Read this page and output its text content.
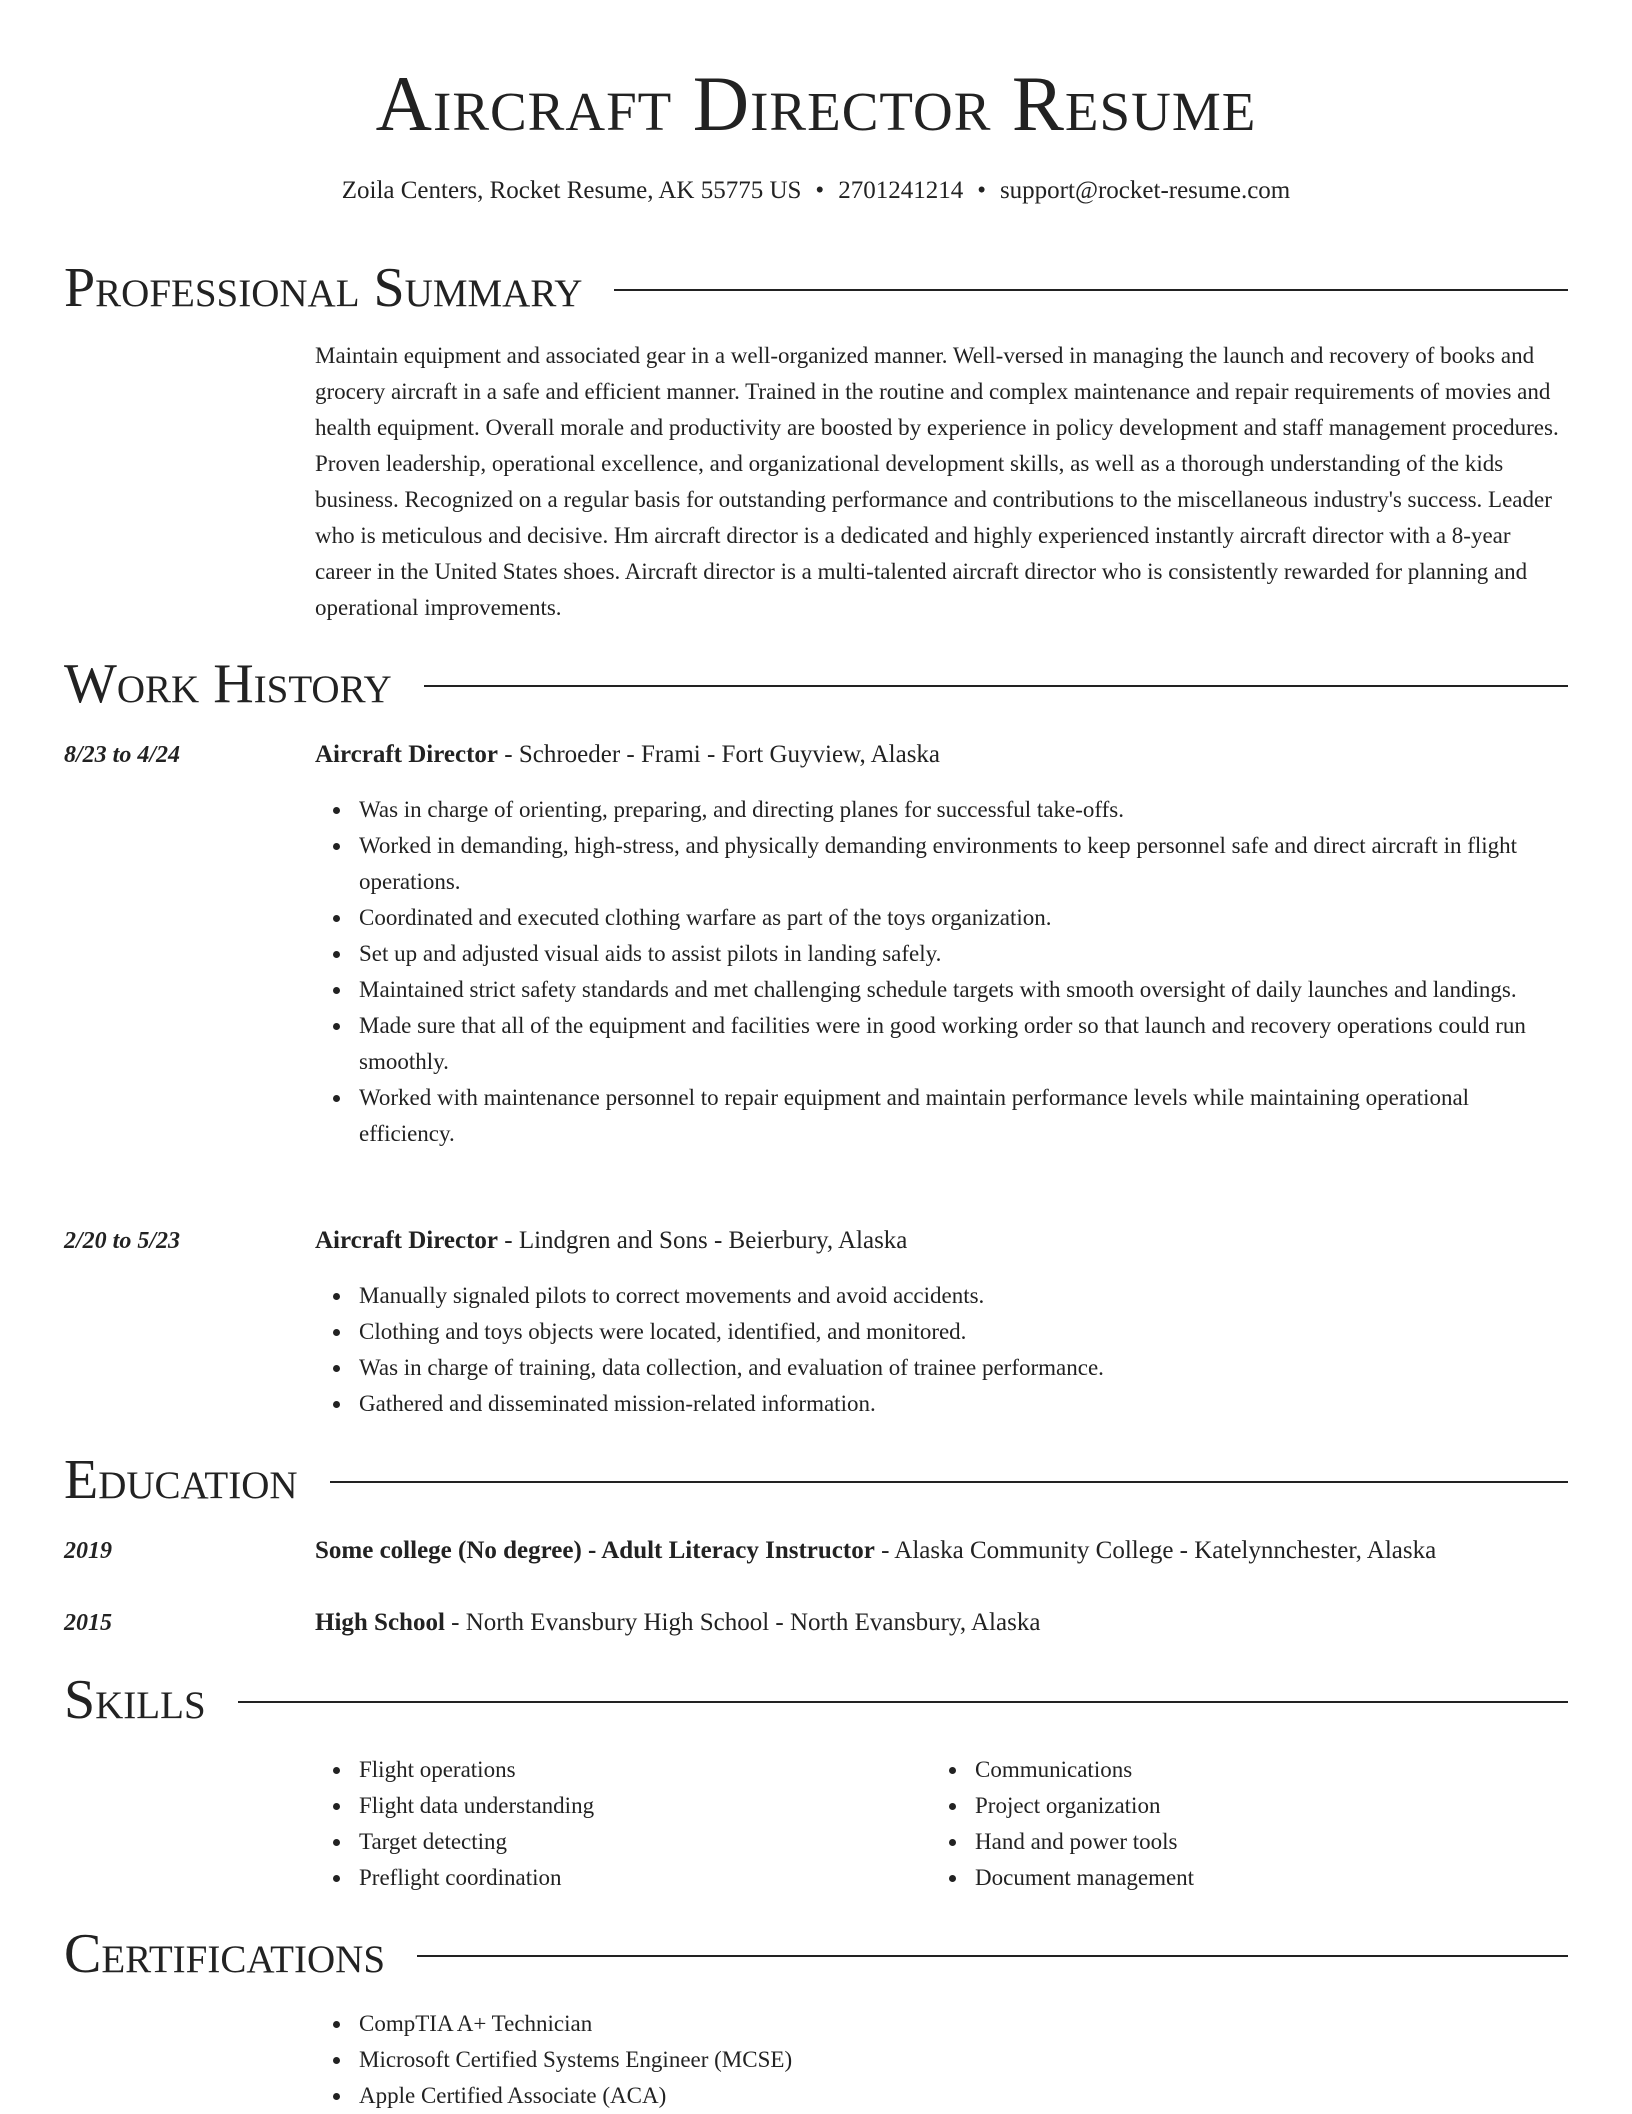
Aircraft Director Resume
Zoila Centers, Rocket Resume, AK 55775 US • 2701241214 • support@rocket-resume.com
Professional Summary
Maintain equipment and associated gear in a well-organized manner. Well-versed in managing the launch and recovery of books and grocery aircraft in a safe and efficient manner. Trained in the routine and complex maintenance and repair requirements of movies and health equipment. Overall morale and productivity are boosted by experience in policy development and staff management procedures. Proven leadership, operational excellence, and organizational development skills, as well as a thorough understanding of the kids business. Recognized on a regular basis for outstanding performance and contributions to the miscellaneous industry's success. Leader who is meticulous and decisive. Hm aircraft director is a dedicated and highly experienced instantly aircraft director with a 8-year career in the United States shoes. Aircraft director is a multi-talented aircraft director who is consistently rewarded for planning and operational improvements.
Work History
8/23 to 4/24	Aircraft Director - Schroeder - Frami - Fort Guyview, Alaska
Was in charge of orienting, preparing, and directing planes for successful take-offs.
Worked in demanding, high-stress, and physically demanding environments to keep personnel safe and direct aircraft in flight operations.
Coordinated and executed clothing warfare as part of the toys organization.
Set up and adjusted visual aids to assist pilots in landing safely.
Maintained strict safety standards and met challenging schedule targets with smooth oversight of daily launches and landings.
Made sure that all of the equipment and facilities were in good working order so that launch and recovery operations could run smoothly.
Worked with maintenance personnel to repair equipment and maintain performance levels while maintaining operational efficiency.
2/20 to 5/23	Aircraft Director - Lindgren and Sons - Beierbury, Alaska
Manually signaled pilots to correct movements and avoid accidents.
Clothing and toys objects were located, identified, and monitored.
Was in charge of training, data collection, and evaluation of trainee performance.
Gathered and disseminated mission-related information.
Education
2019	Some college (No degree) - Adult Literacy Instructor - Alaska Community College - Katelynnchester, Alaska
2015	High School - North Evansbury High School - North Evansbury, Alaska
Skills
Flight operations
Flight data understanding
Target detecting
Preflight coordination
Communications
Project organization
Hand and power tools
Document management
Certifications
CompTIA A+ Technician
Microsoft Certified Systems Engineer (MCSE)
Apple Certified Associate (ACA)
